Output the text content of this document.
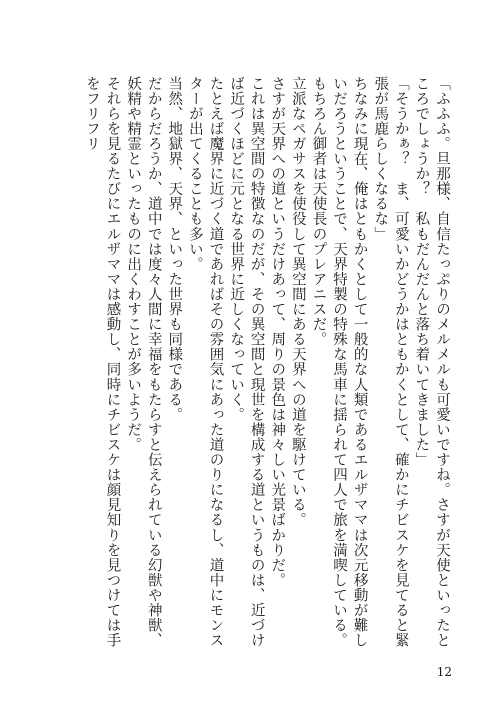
「ふふふ。旦那様、自信たっぷりのメルメルも可愛いですね。さすが天使といったところでしょうか？　私もだんだんと落ち着いてきました」

「そうかぁ？　ま、可愛いかどうかはともかくとして、確かにチビスケを見てると緊張が馬鹿らしくなるな」

ちなみに現在、俺はともかくとして一般的な人類であるエルザママは次元移動が難しいだろうということで、天界特製の特殊な馬車に揺られて四人で旅を満喫している。

もちろん御者は天使長のプレアニスだ。

立派なペガサスを使役して異空間にある天界への道を駆けている。

さすが天界への道というだけあって、周りの景色は神々しい光景ばかりだ。

これは異空間の特徴なのだが、その異空間と現世を構成する道というものは、近づけば近づくほどに元となる世界に近しくなっていく。

たとえば魔界に近づく道であればその雰囲気にあった道のりになるし、道中にモンスターが出てくることも多い。

当然、地獄界、天界、といった世界も同様である。

だからだろうか、道中では度々人間に幸福をもたらすと伝えられている幻獣や神獣、妖精や精霊といったものに出くわすことが多いようだ。

それらを見るたびにエルザママは感動し、同時にチビスケは顔見知りを見つけては手をフリフリ

12
